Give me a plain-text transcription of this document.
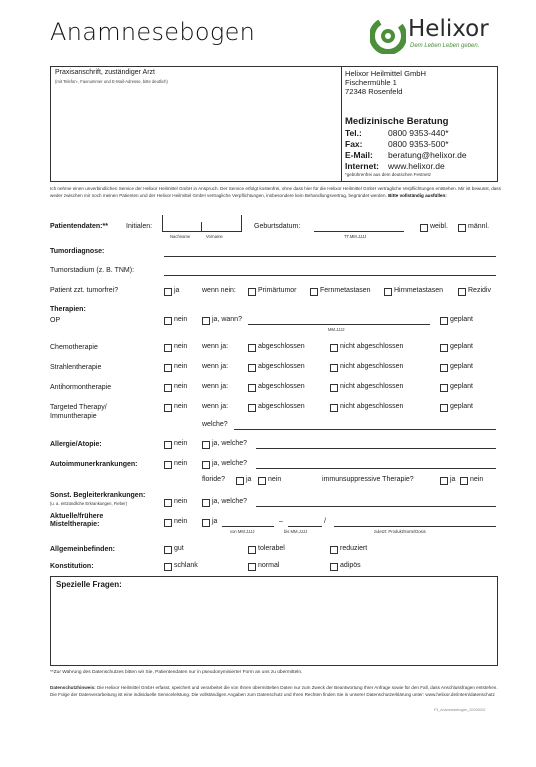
Anamnesebogen	Helixor
Dem Leben Leben geben.
Praxisanschrift, zuständiger Arzt
(mit Telefon-, Faxnummer und E-Mail-Adresse, bitte deutlich)
Helixor Heilmittel GmbH
Fischermühle 1
72348 Rosenfeld
Medizinische Beratung
Tel.:	0800 9353-440*
Fax:	0800 9353-500*
E-Mail: beratung@helixor.de
Internet: www.helixor.de
*gebührenfrei aus dem deutschen Festnetz
Ich nehme einen unverbindlichen Service der Helixor Heilmittel GmbH in Anspruch. Der Service erfolgt kostenfrei, ohne dass hier für die Helixor Heilmittel GmbH vertragliche Verpflichtungen entstehen. Mir ist bewusst, dass weder zwischen mir noch meinen Patienten und der Helixor Heilmittel GmbH vertragliche Verpflichtungen, insbesondere kein Behandlungsvertrag, begründet werden. Bitte vollständig ausfüllen:
Patientendaten:**	Initialen:
Nachname	Vorname
Geburtsdatum:
TT.MM.JJJJ
weibl.	männl.
Tumordiagnose:
Tumorstadium (z. B. TNM):
Patient zzt. tumorfrei?	ja	wenn nein:	Primärtumor	Fernmetastasen	Hirnmetastasen	Rezidiv
Therapien:
OP	nein	ja, wann?
MM.JJJJ
geplant
Chemotherapie	nein wenn ja:	abgeschlossen	nicht abgeschlossen	geplant
Strahlentherapie	nein wenn ja:	abgeschlossen	nicht abgeschlossen	geplant
Antihormontherapie	nein wenn ja:	abgeschlossen	nicht abgeschlossen	geplant
Targeted Therapy/
Immuntherapie
nein wenn ja:	abgeschlossen	nicht abgeschlossen	geplant
welche?
Allergie/Atopie:	nein	ja, welche?
Autoimmunerkrankungen:	nein	ja, welche?
floride?	ja nein	immunsuppressive Therapie?	ja nein
Sonst. Begleiterkrankungen:
(u. a. entzündliche Erkrankungen, Fieber)	nein	ja, welche?
Aktuelle/frühere
Misteltherapie:	nein	ja	–	/
von MM.JJJJ	bis MM.JJJJ	zuletzt: Produkt/Sorte/Dosis
Allgemeinbefinden:	gut	tolerabel	reduziert
Konstitution:	schlank	normal	adipös
Spezielle Fragen:
**Zur Wahrung des Datenschutzes bitten wir Sie, Patientendaten nur in pseudonymisierter Form an uns zu übermitteln.
Datenschutzhinweis: Die Helixor Heilmittel GmbH erfasst, speichert und verarbeitet die von Ihnen übermittelten Daten nur zum Zweck der Beantwortung Ihrer Anfrage sowie für den Fall, dass Anschlussfragen entstehen. Die Folge der Datenverarbeitung ist eine individuelle Servicelelstung. Die vollständigen Angaben zum Datenschutz und Ihren Rechten finden Sie in unserer Datenschutzerklärung unter: www.helixor.de/intern/datenschutz
F3_Anamnesebogen_20200002
